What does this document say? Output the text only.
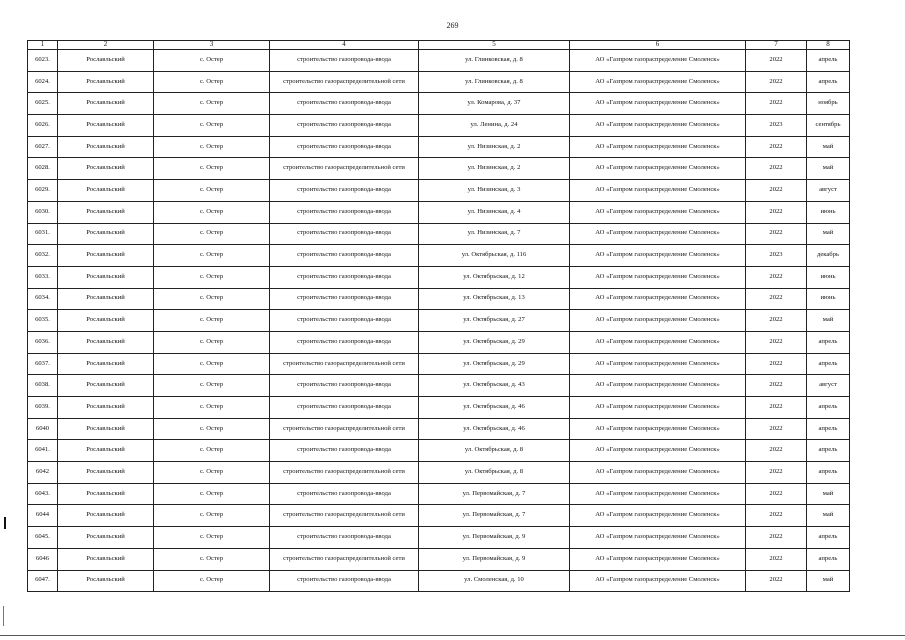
269
1	2	3	4	5	6	7	8
6023.	Рославльский	с. Остер	строительство газопровода-ввода	ул. Глинковская, д. 8	АО «Газпром газораспределение Смоленск»	2022	апрель
6024.	Рославльский	с. Остер	строительство газораспределительной сети	ул. Глинковская, д. 8	АО «Газпром газораспределение Смоленск»	2022	апрель
6025.	Рославльский	с. Остер	строительство газопровода-ввода	ул. Комарова, д. 37	АО «Газпром газораспределение Смоленск»	2022	ноябрь
6026.	Рославльский	с. Остер	строительство газопровода-ввода	ул. Ленина, д. 24	АО «Газпром газораспределение Смоленск»	2023	сентябрь
6027.	Рославльский	с. Остер	строительство газопровода-ввода	ул. Низинская, д. 2	АО «Газпром газораспределение Смоленск»	2022	май
6028.	Рославльский	с. Остер	строительство газораспределительной сети	ул. Низинская, д. 2	АО «Газпром газораспределение Смоленск»	2022	май
6029.	Рославльский	с. Остер	строительство газопровода-ввода	ул. Низинская, д. 3	АО «Газпром газораспределение Смоленск»	2022	август
6030.	Рославльский	с. Остер	строительство газопровода-ввода	ул. Низинская, д. 4	АО «Газпром газораспределение Смоленск»	2022	июнь
6031.	Рославльский	с. Остер	строительство газопровода-ввода	ул. Низинская, д. 7	АО «Газпром газораспределение Смоленск»	2022	май
6032.	Рославльский	с. Остер	строительство газопровода-ввода	ул. Октябрьская, д. 116	АО «Газпром газораспределение Смоленск»	2023	декабрь
6033.	Рославльский	с. Остер	строительство газопровода-ввода	ул. Октябрьская, д. 12	АО «Газпром газораспределение Смоленск»	2022	июнь
6034.	Рославльский	с. Остер	строительство газопровода-ввода	ул. Октябрьская, д. 13	АО «Газпром газораспределение Смоленск»	2022	июнь
6035.	Рославльский	с. Остер	строительство газопровода-ввода	ул. Октябрьская, д. 27	АО «Газпром газораспределение Смоленск»	2022	май
6036.	Рославльский	с. Остер	строительство газопровода-ввода	ул. Октябрьская, д. 29	АО «Газпром газораспределение Смоленск»	2022	апрель
6037.	Рославльский	с. Остер	строительство газораспределительной сети	ул. Октябрьская, д. 29	АО «Газпром газораспределение Смоленск»	2022	апрель
6038.	Рославльский	с. Остер	строительство газопровода-ввода	ул. Октябрьская, д. 43	АО «Газпром газораспределение Смоленск»	2022	август
6039.	Рославльский	с. Остер	строительство газопровода-ввода	ул. Октябрьская, д. 46	АО «Газпром газораспределение Смоленск»	2022	апрель
6040	Рославльский	с. Остер	строительство газораспределительной сети	ул. Октябрьская, д. 46	АО «Газпром газораспределение Смоленск»	2022	апрель
6041.	Рославльский	с. Остер	строительство газопровода-ввода	ул. Октябрьская, д. 8	АО «Газпром газораспределение Смоленск»	2022	апрель
6042	Рославльский	с. Остер	строительство газораспределительной сети	ул. Октябрьская, д. 8	АО «Газпром газораспределение Смоленск»	2022	апрель
6043.	Рославльский	с. Остер	строительство газопровода-ввода	ул. Первомайская, д. 7	АО «Газпром газораспределение Смоленск»	2022	май
6044	Рославльский	с. Остер	строительство газораспределительной сети	ул. Первомайская, д. 7	АО «Газпром газораспределение Смоленск»	2022	май
6045.	Рославльский	с. Остер	строительство газопровода-ввода	ул. Первомайская, д. 9	АО «Газпром газораспределение Смоленск»	2022	апрель
6046	Рославльский	с. Остер	строительство газораспределительной сети	ул. Первомайская, д. 9	АО «Газпром газораспределение Смоленск»	2022	апрель
6047.	Рославльский	с. Остер	строительство газопровода-ввода	ул. Смоленская, д. 10	АО «Газпром газораспределение Смоленск»	2022	май
